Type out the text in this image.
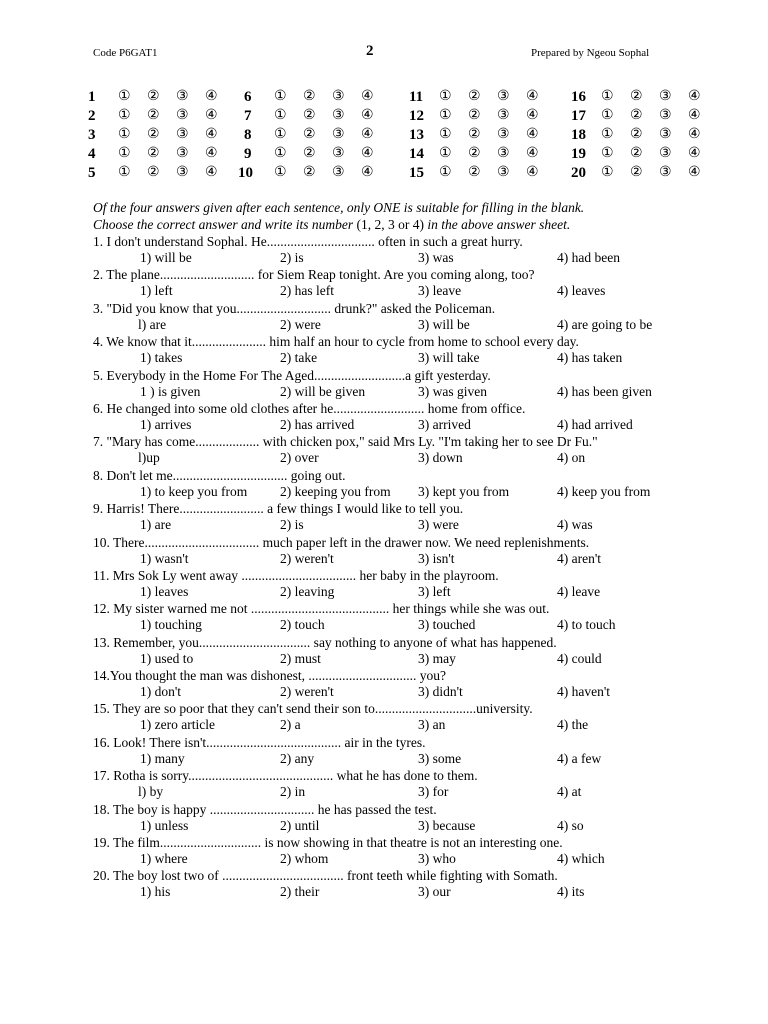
Code P6GAT1	2	Prepared by Ngeou Sophal
1 ① ② ③ ④ 6 ① ② ③ ④ 11 ① ② ③ ④ 16 ① ② ③ ④
2 ① ② ③ ④ 7 ① ② ③ ④ 12 ① ② ③ ④ 17 ① ② ③ ④
3 ① ② ③ ④ 8 ① ② ③ ④ 13 ① ② ③ ④ 18 ① ② ③ ④
4 ① ② ③ ④ 9 ① ② ③ ④ 14 ① ② ③ ④ 19 ① ② ③ ④
5 ① ② ③ ④ 10 ① ② ③ ④ 15 ① ② ③ ④ 20 ① ② ③ ④
Of the four answers given after each sentence, only ONE is suitable for filling in the blank.
Choose the correct answer and write its number (1, 2, 3 or 4) in the above answer sheet.
1. I don't understand Sophal. He................................ often in such a great hurry.
1) will be	2) is	3) was	4) had been
2. The plane............................ for Siem Reap tonight. Are you coming along, too?
1) left	2) has left	3) leave	4) leaves
3. "Did you know that you............................ drunk?" asked the Policeman.
l) are	2) were	3) will be	4) are going to be
4. We know that it...................... him half an hour to cycle from home to school every day.
1) takes	2) take	3) will take	4) has taken
5. Everybody in the Home For The Aged...........................a gift yesterday.
1 ) is given	2) will be given	3) was given	4) has been given
6. He changed into some old clothes after he........................... home from office.
1) arrives	2) has arrived	3) arrived	4) had arrived
7. "Mary has come................... with chicken pox," said Mrs Ly. "I'm taking her to see Dr Fu."
l)up	2) over	3) down	4) on
8. Don't let me.................................. going out.
1) to keep you from 2) keeping you from 3) kept you from	4) keep you from
9. Harris! There......................... a few things I would like to tell you.
1) are	2) is	3) were	4) was
10. There.................................. much paper left in the drawer now. We need replenishments.
1) wasn't	2) weren't	3) isn't	4) aren't
11. Mrs Sok Ly went away .................................. her baby in the playroom.
1) leaves	2) leaving	3) left	4) leave
12. My sister warned me not ......................................... her things while she was out.
1) touching	2) touch	3) touched	4) to touch
13. Remember, you................................. say nothing to anyone of what has happened.
1) used to	2) must	3) may	4) could
14.You thought the man was dishonest, ................................ you?
1) don't	2) weren't	3) didn't	4) haven't
15. They are so poor that they can't send their son to..............................university.
1) zero article	2) a	3) an	4) the
16. Look! There isn't........................................ air in the tyres.
1) many	2) any	3) some	4) a few
17. Rotha is sorry........................................... what he has done to them.
l) by	2) in	3) for	4) at
18. The boy is happy ............................... he has passed the test.
1) unless	2) until	3) because	4) so
19. The film.............................. is now showing in that theatre is not an interesting one.
1) where	2) whom	3) who	4) which
20. The boy lost two of .................................... front teeth while fighting with Somath.
1) his	2) their	3) our	4) its
